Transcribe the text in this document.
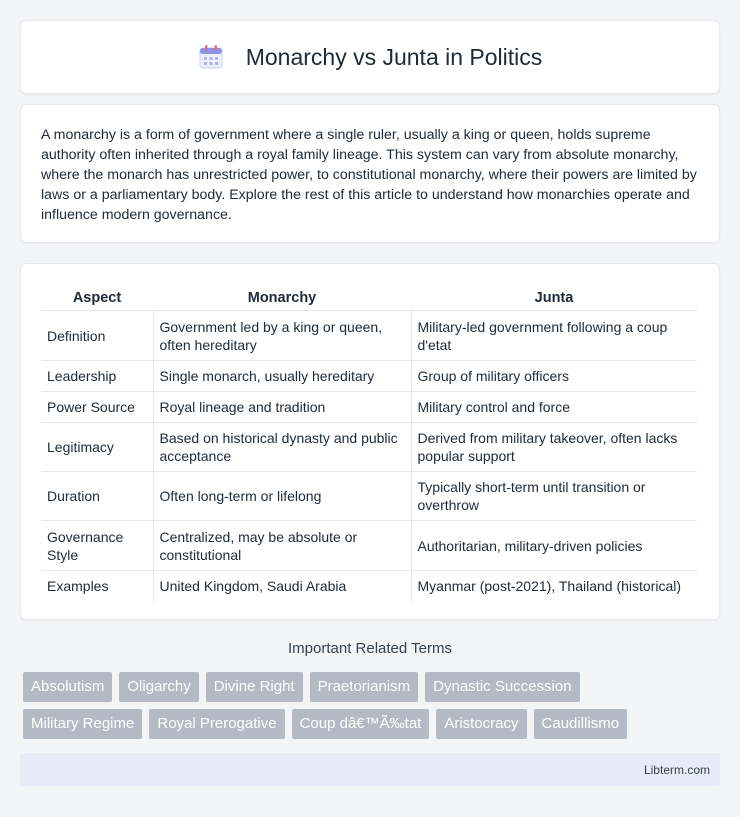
Monarchy vs Junta in Politics

A monarchy is a form of government where a single ruler, usually a king or queen, holds supreme authority often inherited through a royal family lineage. This system can vary from absolute monarchy, where the monarch has unrestricted power, to constitutional monarchy, where their powers are limited by laws or a parliamentary body. Explore the rest of this article to understand how monarchies operate and influence modern governance.

Aspect	Monarchy	Junta
Definition	Government led by a king or queen, often hereditary	Military-led government following a coup d'etat
Leadership	Single monarch, usually hereditary	Group of military officers
Power Source	Royal lineage and tradition	Military control and force
Legitimacy	Based on historical dynasty and public acceptance	Derived from military takeover, often lacks popular support
Duration	Often long-term or lifelong	Typically short-term until transition or overthrow
Governance Style	Centralized, may be absolute or constitutional	Authoritarian, military-driven policies
Examples	United Kingdom, Saudi Arabia	Myanmar (post-2021), Thailand (historical)
Important Related Terms
Absolutism	Oligarchy	Divine Right	Praetorianism	Dynastic Succession
Military Regime	Royal Prerogative	Coup dâ€™Ã‰tat	Aristocracy	Caudillismo
Libterm.com
